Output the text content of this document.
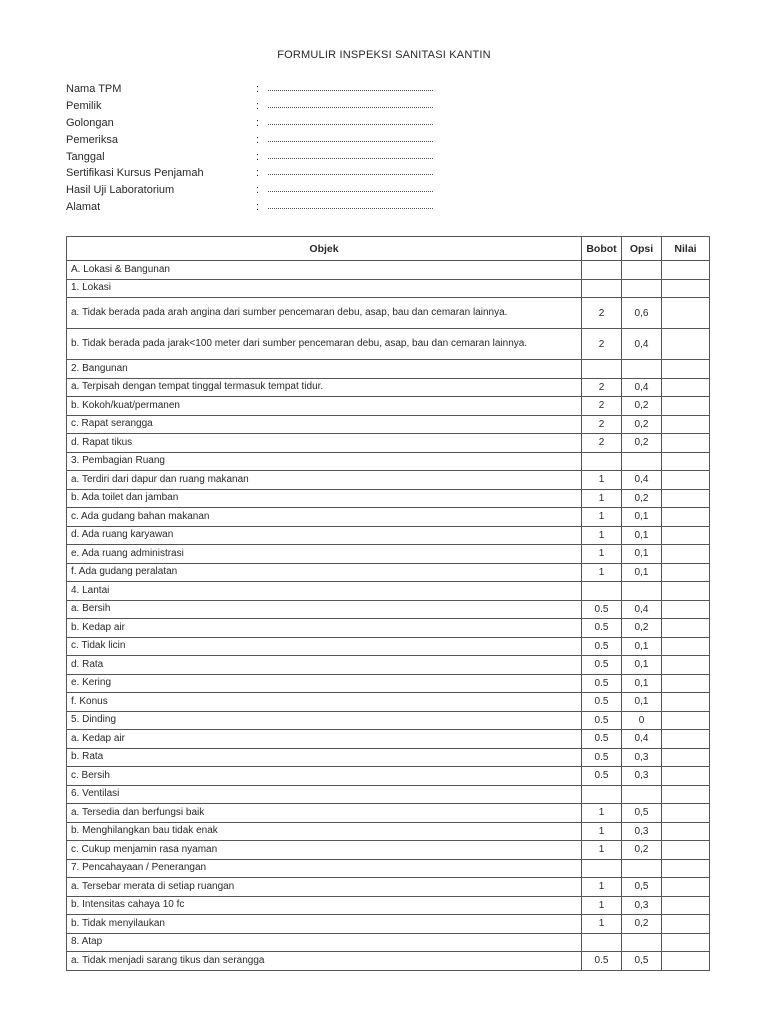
FORMULIR INSPEKSI SANITASI KANTIN
Nama TPM	:
Pemilik	:
Golongan	:
Pemeriksa	:
Tanggal	:
Sertifikasi Kursus Penjamah	:
Hasil Uji Laboratorium	:
Alamat	:
Objek	Bobot	Opsi	Nilai

A. Lokasi & Bangunan			

1. Lokasi			

a. Tidak berada pada arah angina dari sumber pencemaran debu, asap, bau dan cemaran lainnya.	2	0,6	

b. Tidak berada pada jarak<100 meter dari sumber pencemaran debu, asap, bau dan cemaran lainnya.	2	0,4	

2. Bangunan			

a. Terpisah dengan tempat tinggal termasuk tempat tidur.	2	0,4	

b. Kokoh/kuat/permanen	2	0,2	

c. Rapat serangga	2	0,2	

d. Rapat tikus	2	0,2	

3. Pembagian Ruang			

a. Terdiri dari dapur dan ruang makanan	1	0,4	

b. Ada toilet dan jamban	1	0,2	

c. Ada gudang bahan makanan	1	0,1	

d. Ada ruang karyawan	1	0,1	

e. Ada ruang administrasi	1	0,1	

f. Ada gudang peralatan	1	0,1	

4. Lantai			

a. Bersih	0.5	0,4	

b. Kedap air	0.5	0,2	

c. Tidak licin	0.5	0,1	

d. Rata	0.5	0,1	

e. Kering	0.5	0,1	

f. Konus	0.5	0,1	

5. Dinding	0.5	0	

a. Kedap air	0.5	0,4	

b. Rata	0.5	0,3	

c. Bersih	0.5	0,3	

6. Ventilasi			

a. Tersedia dan berfungsi baik	1	0,5	

b. Menghilangkan bau tidak enak	1	0,3	

c. Cukup menjamin rasa nyaman	1	0,2	

7. Pencahayaan / Penerangan			

a. Tersebar merata di setiap ruangan	1	0,5	

b. Intensitas cahaya 10 fc	1	0,3	

b. Tidak menyilaukan	1	0,2	

8. Atap			

a. Tidak menjadi sarang tikus dan serangga	0.5	0,5	
